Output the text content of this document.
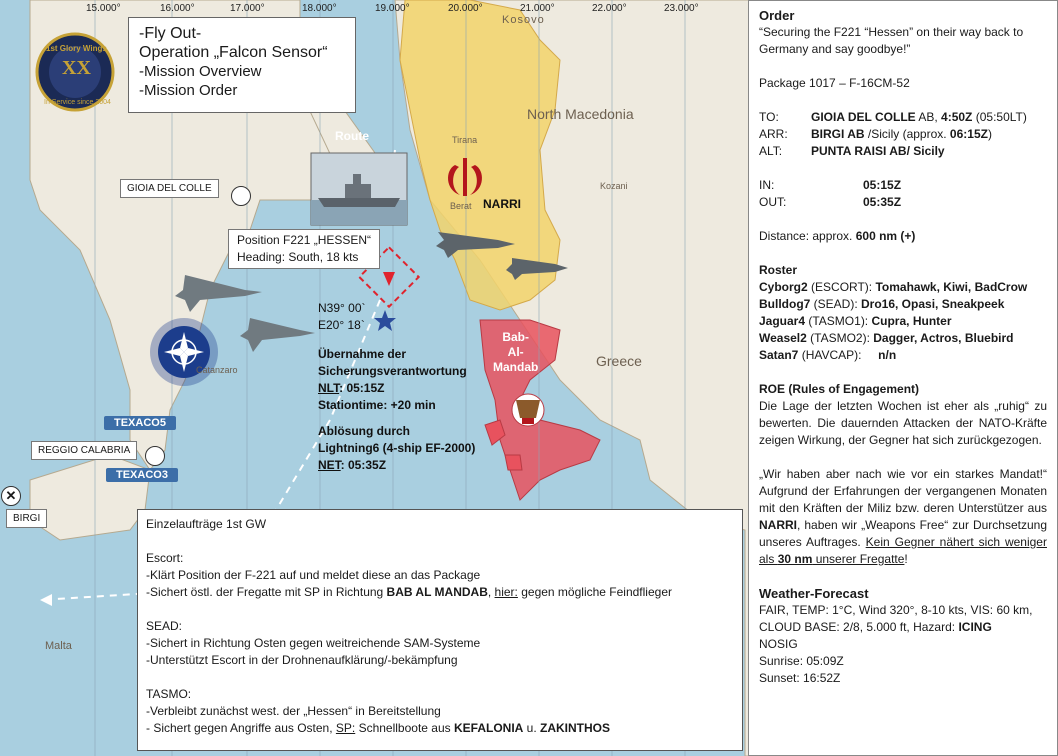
15.000°	16.000°	17.000°	18.000°	19.000°	20.000°	21.000°	22.000°	23.000°
Kosovo
North Macedonia
Greece
Malta
Berat
Catanzaro
Tirana
Kozani
Route
NARRI
Bab-
Al-
Mandab
GIOIA DEL COLLE
REGGIO CALABRIA
TEXACO5
TEXACO3
✕
BIRGI
Position F221 „HESSEN“
Heading: South, 18 kts
N39° 00`
E20° 18`
Übernahme der
Sicherungsverantwortung
NLT: 05:15Z
Stationtime: +20 min
Ablösung durch
Lightning6 (4-ship EF-2000)
NET: 05:35Z
1st Glory Wings
XX
In Service since 2004
-Fly Out-
Operation „Falcon Sensor“
-Mission Overview
-Mission Order
Order
“Securing the F221 “Hessen” on their way back to Germany and say goodbye!”
Package 1017 – F-16CM-52
TO:	GIOIA DEL COLLE AB, 4:50Z (05:50LT)
ARR:	BIRGI AB /Sicily (approx. 06:15Z)
ALT:	PUNTA RAISI AB/ Sicily
IN:	05:15Z
OUT:	05:35Z
Distance: approx. 600 nm (+)
Roster
Cyborg2 (ESCORT): Tomahawk, Kiwi, BadCrow
Bulldog7 (SEAD): Dro16, Opasi, Sneakpeek
Jaguar4 (TASMO1): Cupra, Hunter
Weasel2 (TASMO2): Dagger, Actros, Bluebird
Satan7 (HAVCAP):     n/n
ROE (Rules of Engagement)
Die Lage der letzten Wochen ist eher als „ruhig“ zu bewerten. Die dauernden Attacken der NATO-Kräfte zeigen Wirkung, der Gegner hat sich zurückgezogen.
„Wir haben aber nach wie vor ein starkes Mandat!“ Aufgrund der Erfahrungen der vergangenen Monaten mit den Kräften der Miliz bzw. deren Unterstützer aus NARRI, haben wir „Weapons Free“ zur Durchsetzung unseres Auftrages. Kein Gegner nähert sich weniger als 30 nm unserer Fregatte!
Weather-Forecast
FAIR, TEMP: 1°C, Wind 320°, 8-10 kts, VIS: 60 km, CLOUD BASE: 2/8, 5.000 ft, Hazard: ICING
NOSIG
Sunrise: 05:09Z
Sunset: 16:52Z
Einzelaufträge 1st GW
Escort:
-Klärt Position der F-221 auf und meldet diese an das Package
-Sichert östl. der Fregatte mit SP in Richtung BAB AL MANDAB, hier: gegen mögliche Feindflieger
SEAD:
-Sichert in Richtung Osten gegen weitreichende SAM-Systeme
-Unterstützt Escort in der Drohnenaufklärung/-bekämpfung
TASMO:
-Verbleibt zunächst west. der „Hessen“ in Bereitstellung
- Sichert gegen Angriffe aus Osten, SP: Schnellboote aus KEFALONIA u. ZAKINTHOS
